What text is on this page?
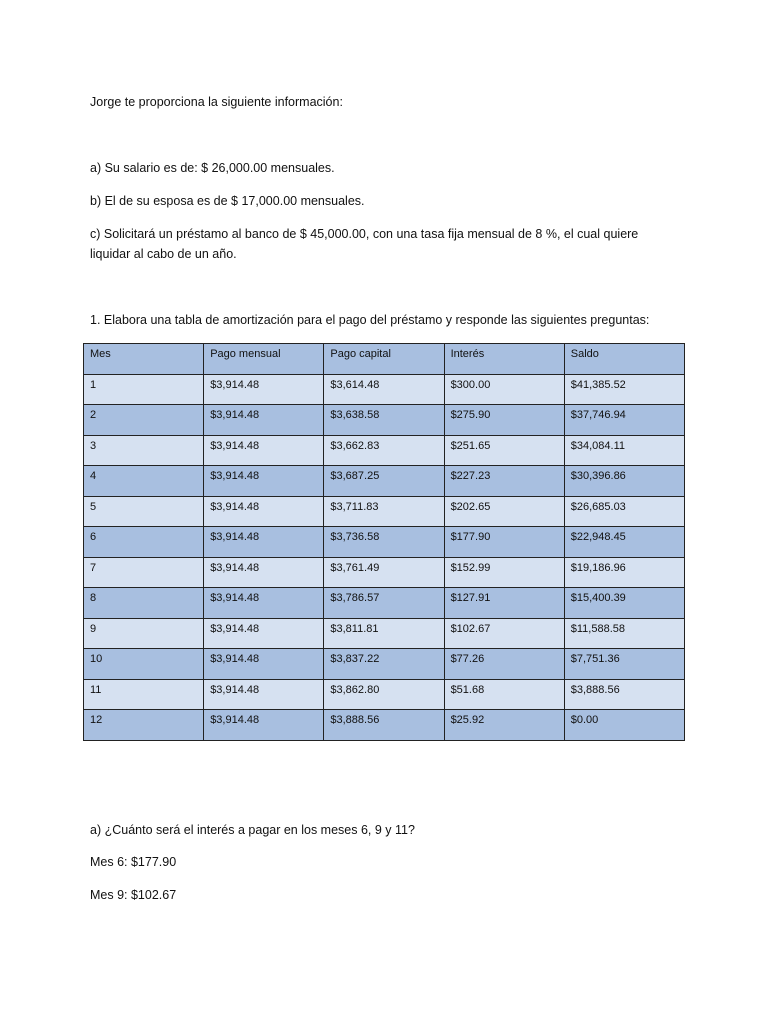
Jorge te proporciona la siguiente información:

a) Su salario es de: $ 26,000.00 mensuales.

b) El de su esposa es de $ 17,000.00 mensuales.

c) Solicitará un préstamo al banco de $ 45,000.00, con una tasa fija mensual de 8 %, el cual quiere liquidar al cabo de un año.

1. Elabora una tabla de amortización para el pago del préstamo y responde las siguientes preguntas:

Mes	Pago mensual	Pago capital	Interés	Saldo
1	$3,914.48	$3,614.48	$300.00	$41,385.52
2	$3,914.48	$3,638.58	$275.90	$37,746.94
3	$3,914.48	$3,662.83	$251.65	$34,084.11
4	$3,914.48	$3,687.25	$227.23	$30,396.86
5	$3,914.48	$3,711.83	$202.65	$26,685.03
6	$3,914.48	$3,736.58	$177.90	$22,948.45
7	$3,914.48	$3,761.49	$152.99	$19,186.96
8	$3,914.48	$3,786.57	$127.91	$15,400.39
9	$3,914.48	$3,811.81	$102.67	$11,588.58
10	$3,914.48	$3,837.22	$77.26	$7,751.36
11	$3,914.48	$3,862.80	$51.68	$3,888.56
12	$3,914.48	$3,888.56	$25.92	$0.00

a) ¿Cuánto será el interés a pagar en los meses 6, 9 y 11?

Mes 6: $177.90

Mes 9: $102.67
